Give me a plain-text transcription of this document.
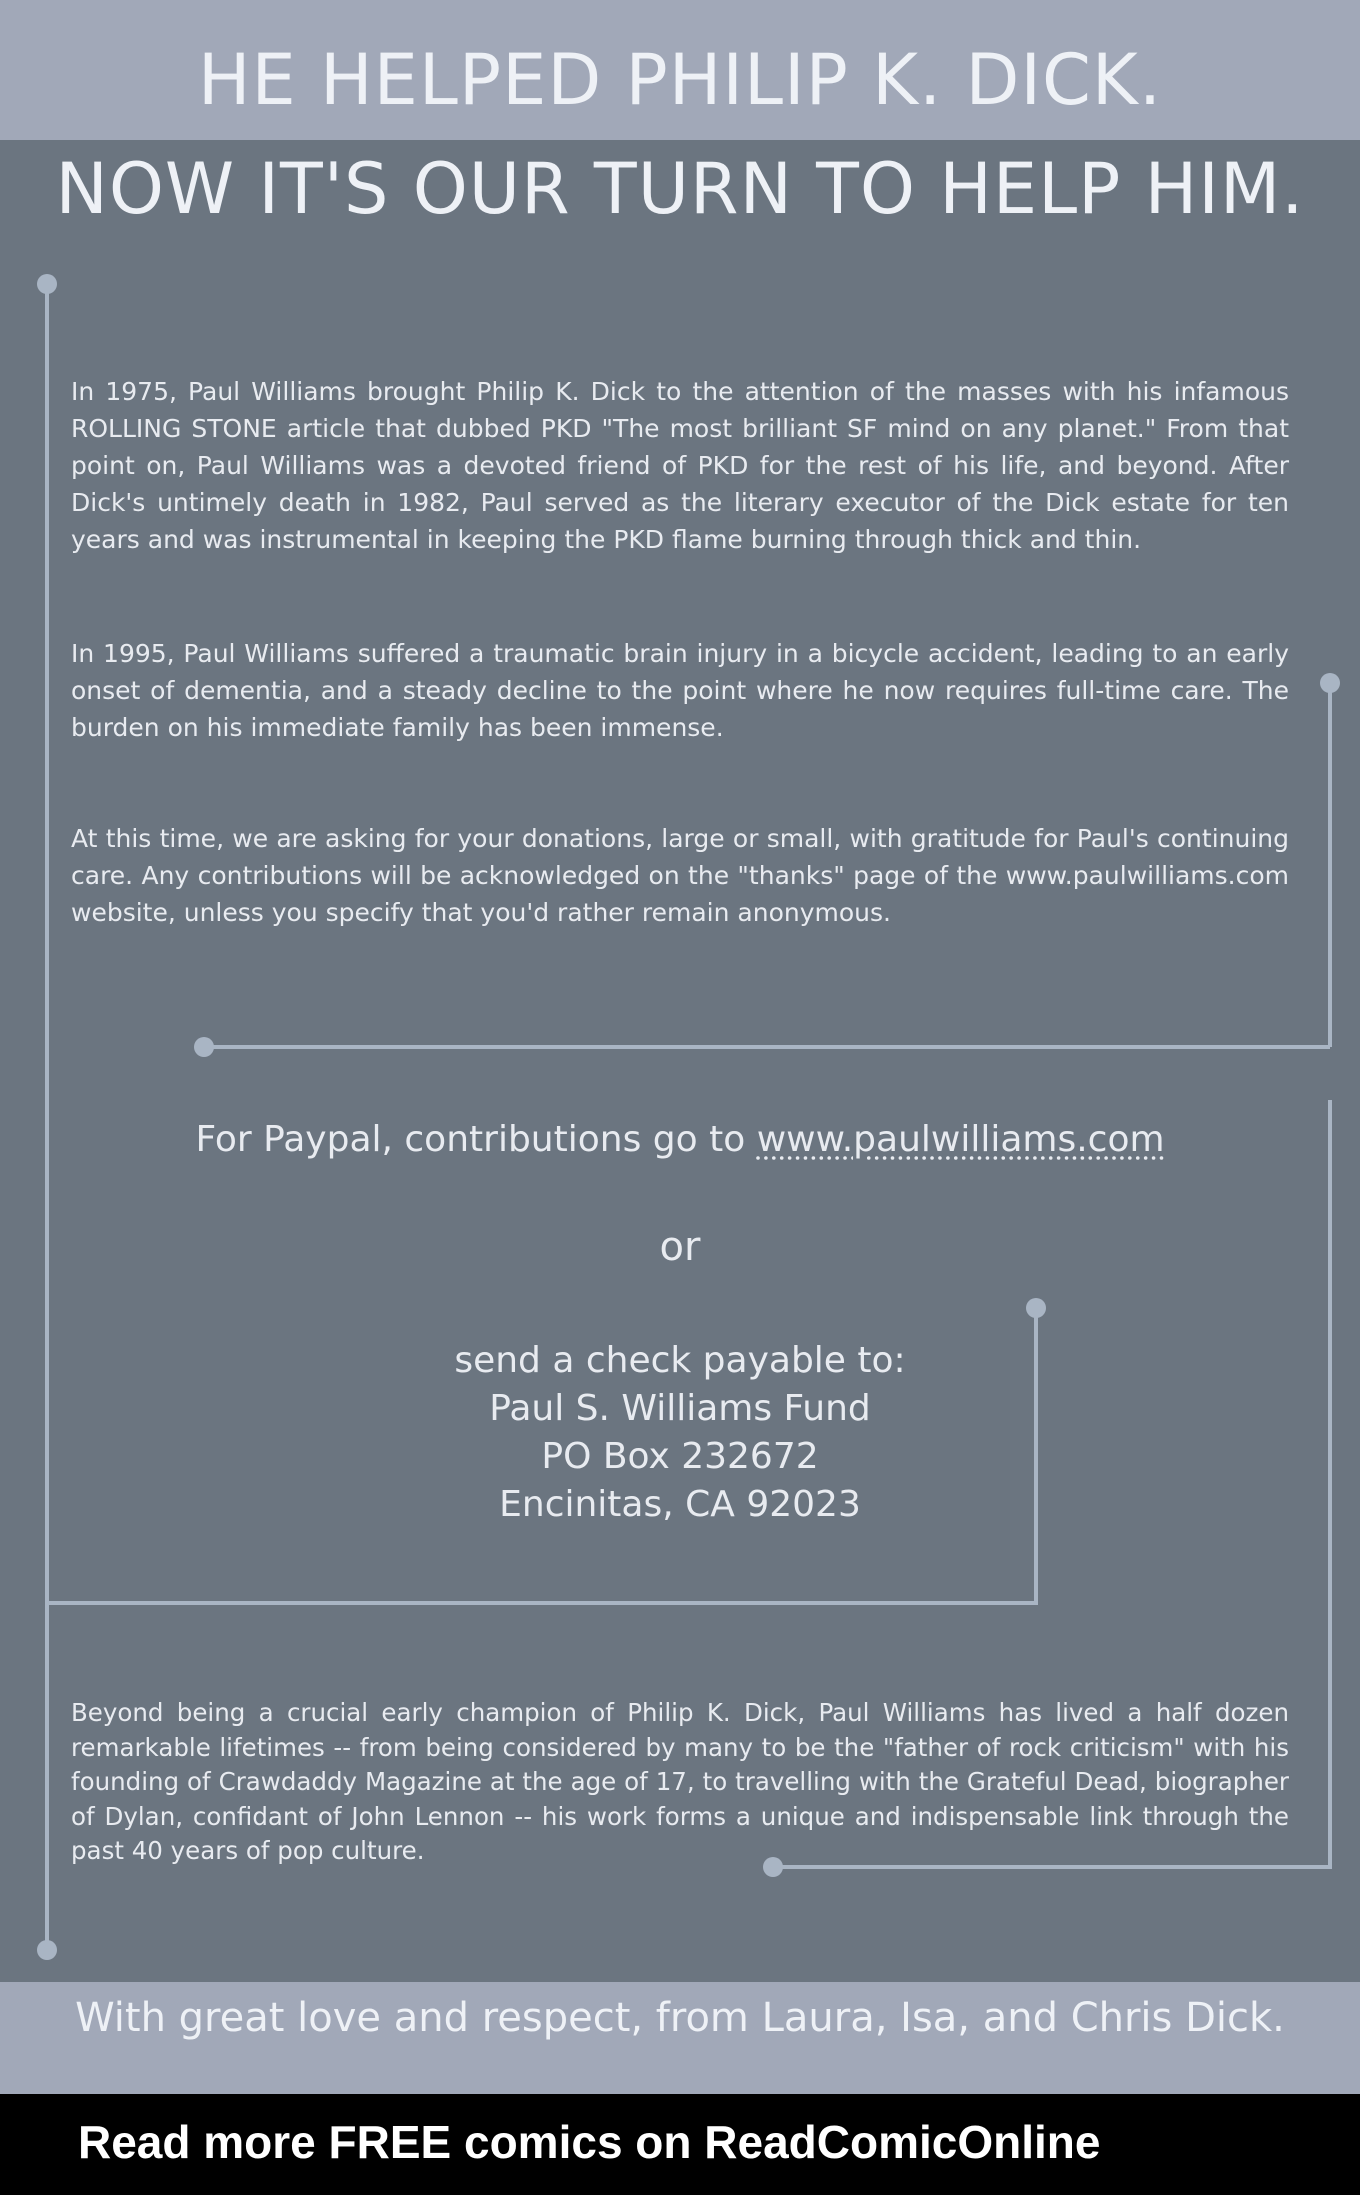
HE HELPED PHILIP K. DICK.
NOW IT'S OUR TURN TO HELP HIM.

In 1975, Paul Williams brought Philip K. Dick to the attention of the masses with his infamous ROLLING STONE article that dubbed PKD "The most brilliant SF mind on any planet." From that point on, Paul Williams was a devoted friend of PKD for the rest of his life, and beyond. After Dick's untimely death in 1982, Paul served as the literary executor of the Dick estate for ten years and was instrumental in keeping the PKD flame burning through thick and thin.

In 1995, Paul Williams suffered a traumatic brain injury in a bicycle accident, leading to an early onset of dementia, and a steady decline to the point where he now requires full-time care. The burden on his immediate family has been immense.

At this time, we are asking for your donations, large or small, with gratitude for Paul's continuing care. Any contributions will be acknowledged on the "thanks" page of the www.paulwilliams.com website, unless you specify that you'd rather remain anonymous.

For Paypal, contributions go to www.paulwilliams.com
or
send a check payable to:
Paul S. Williams Fund
PO Box 232672
Encinitas, CA 92023

Beyond being a crucial early champion of Philip K. Dick, Paul Williams has lived a half dozen remarkable lifetimes -- from being considered by many to be the "father of rock criticism" with his founding of Crawdaddy Magazine at the age of 17, to travelling with the Grateful Dead, biographer of Dylan, confidant of John Lennon -- his work forms a unique and indispensable link through the past 40 years of pop culture.

With great love and respect, from Laura, Isa, and Chris Dick.
Read more FREE comics on ReadComicOnline
